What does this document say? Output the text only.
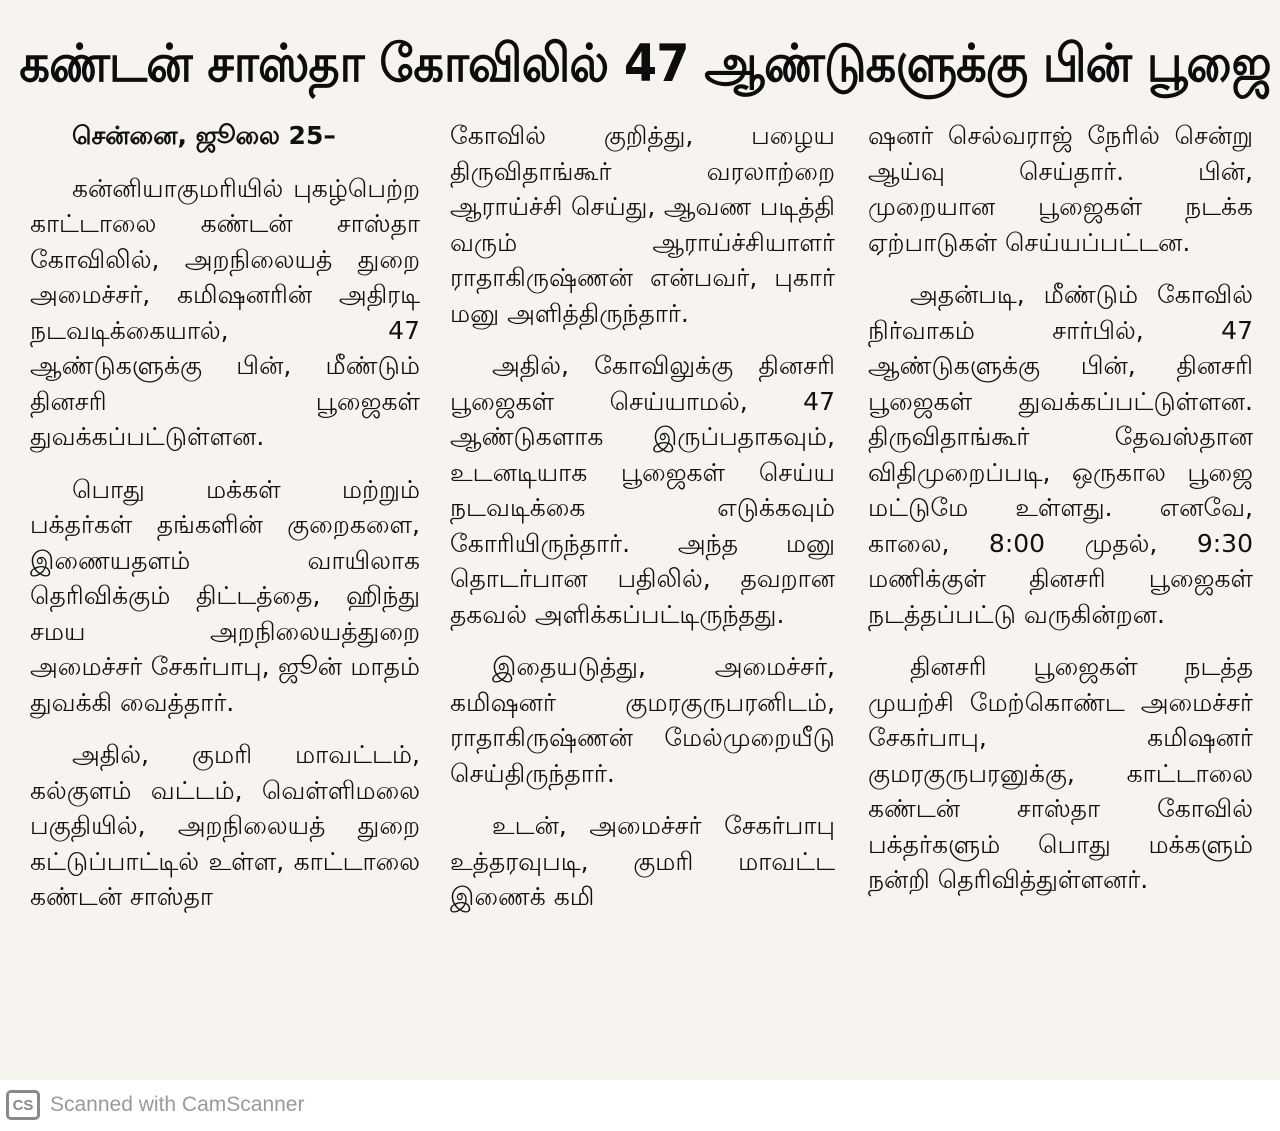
கண்டன் சாஸ்தா கோவிலில் 47 ஆண்டுகளுக்கு பின் பூஜை

சென்னை, ஜூலை 25–

கன்னியாகுமரியில் புகழ்பெற்ற காட்டாலை கண்டன் சாஸ்தா கோவிலில், அறநிலையத் துறை அமைச்சர், கமிஷனரின் அதிரடி நடவடிக்கையால், 47 ஆண்டுகளுக்கு பின், மீண்டும் தினசரி பூஜைகள் துவக்கப்பட்டுள்ளன.

பொது மக்கள் மற்றும் பக்தர்கள் தங்களின் குறைகளை, இணையதளம் வாயிலாக தெரிவிக்கும் திட்டத்தை, ஹிந்து சமய அறநிலையத்துறை அமைச்சர் சேகர்பாபு, ஜூன் மாதம் துவக்கி வைத்தார்.

அதில், குமரி மாவட்டம், கல்குளம் வட்டம், வெள்ளிமலை பகுதியில், அறநிலையத் துறை கட்டுப்பாட்டில் உள்ள, காட்டாலை கண்டன் சாஸ்தா

கோவில் குறித்து, பழைய திருவிதாங்கூர் வரலாற்றை ஆராய்ச்சி செய்து, ஆவண படித்தி வரும் ஆராய்ச்சியாளர் ராதாகிருஷ்ணன் என்பவர், புகார் மனு அளித்திருந்தார்.

அதில், கோவிலுக்கு தினசரி பூஜைகள் செய்யாமல், 47 ஆண்டுகளாக இருப்பதாகவும், உடனடியாக பூஜைகள் செய்ய நடவடிக்கை எடுக்கவும் கோரியிருந்தார். அந்த மனு தொடர்பான பதிலில், தவறான தகவல் அளிக்கப்பட்டிருந்தது.

இதையடுத்து, அமைச்சர், கமிஷனர் குமரகுருபரனிடம், ராதாகிருஷ்ணன் மேல்முறையீடு செய்திருந்தார்.

உடன், அமைச்சர் சேகர்பாபு உத்தரவுபடி, குமரி மாவட்ட இணைக் கமி

ஷனர் செல்வராஜ் நேரில் சென்று ஆய்வு செய்தார். பின், முறையான பூஜைகள் நடக்க ஏற்பாடுகள் செய்யப்பட்டன.

அதன்படி, மீண்டும் கோவில் நிர்வாகம் சார்பில், 47 ஆண்டுகளுக்கு பின், தினசரி பூஜைகள் துவக்கப்பட்டுள்ளன. திருவிதாங்கூர் தேவஸ்தான விதிமுறைப்படி, ஒருகால பூஜை மட்டுமே உள்ளது. எனவே, காலை, 8:00 முதல், 9:30 மணிக்குள் தினசரி பூஜைகள் நடத்தப்பட்டு வருகின்றன.

தினசரி பூஜைகள் நடத்த முயற்சி மேற்கொண்ட அமைச்சர் சேகர்பாபு, கமிஷனர் குமரகுருபரனுக்கு, காட்டாலை கண்டன் சாஸ்தா கோவில் பக்தர்களும் பொது மக்களும் நன்றி தெரிவித்துள்ளனர்.

CS Scanned with CamScanner
